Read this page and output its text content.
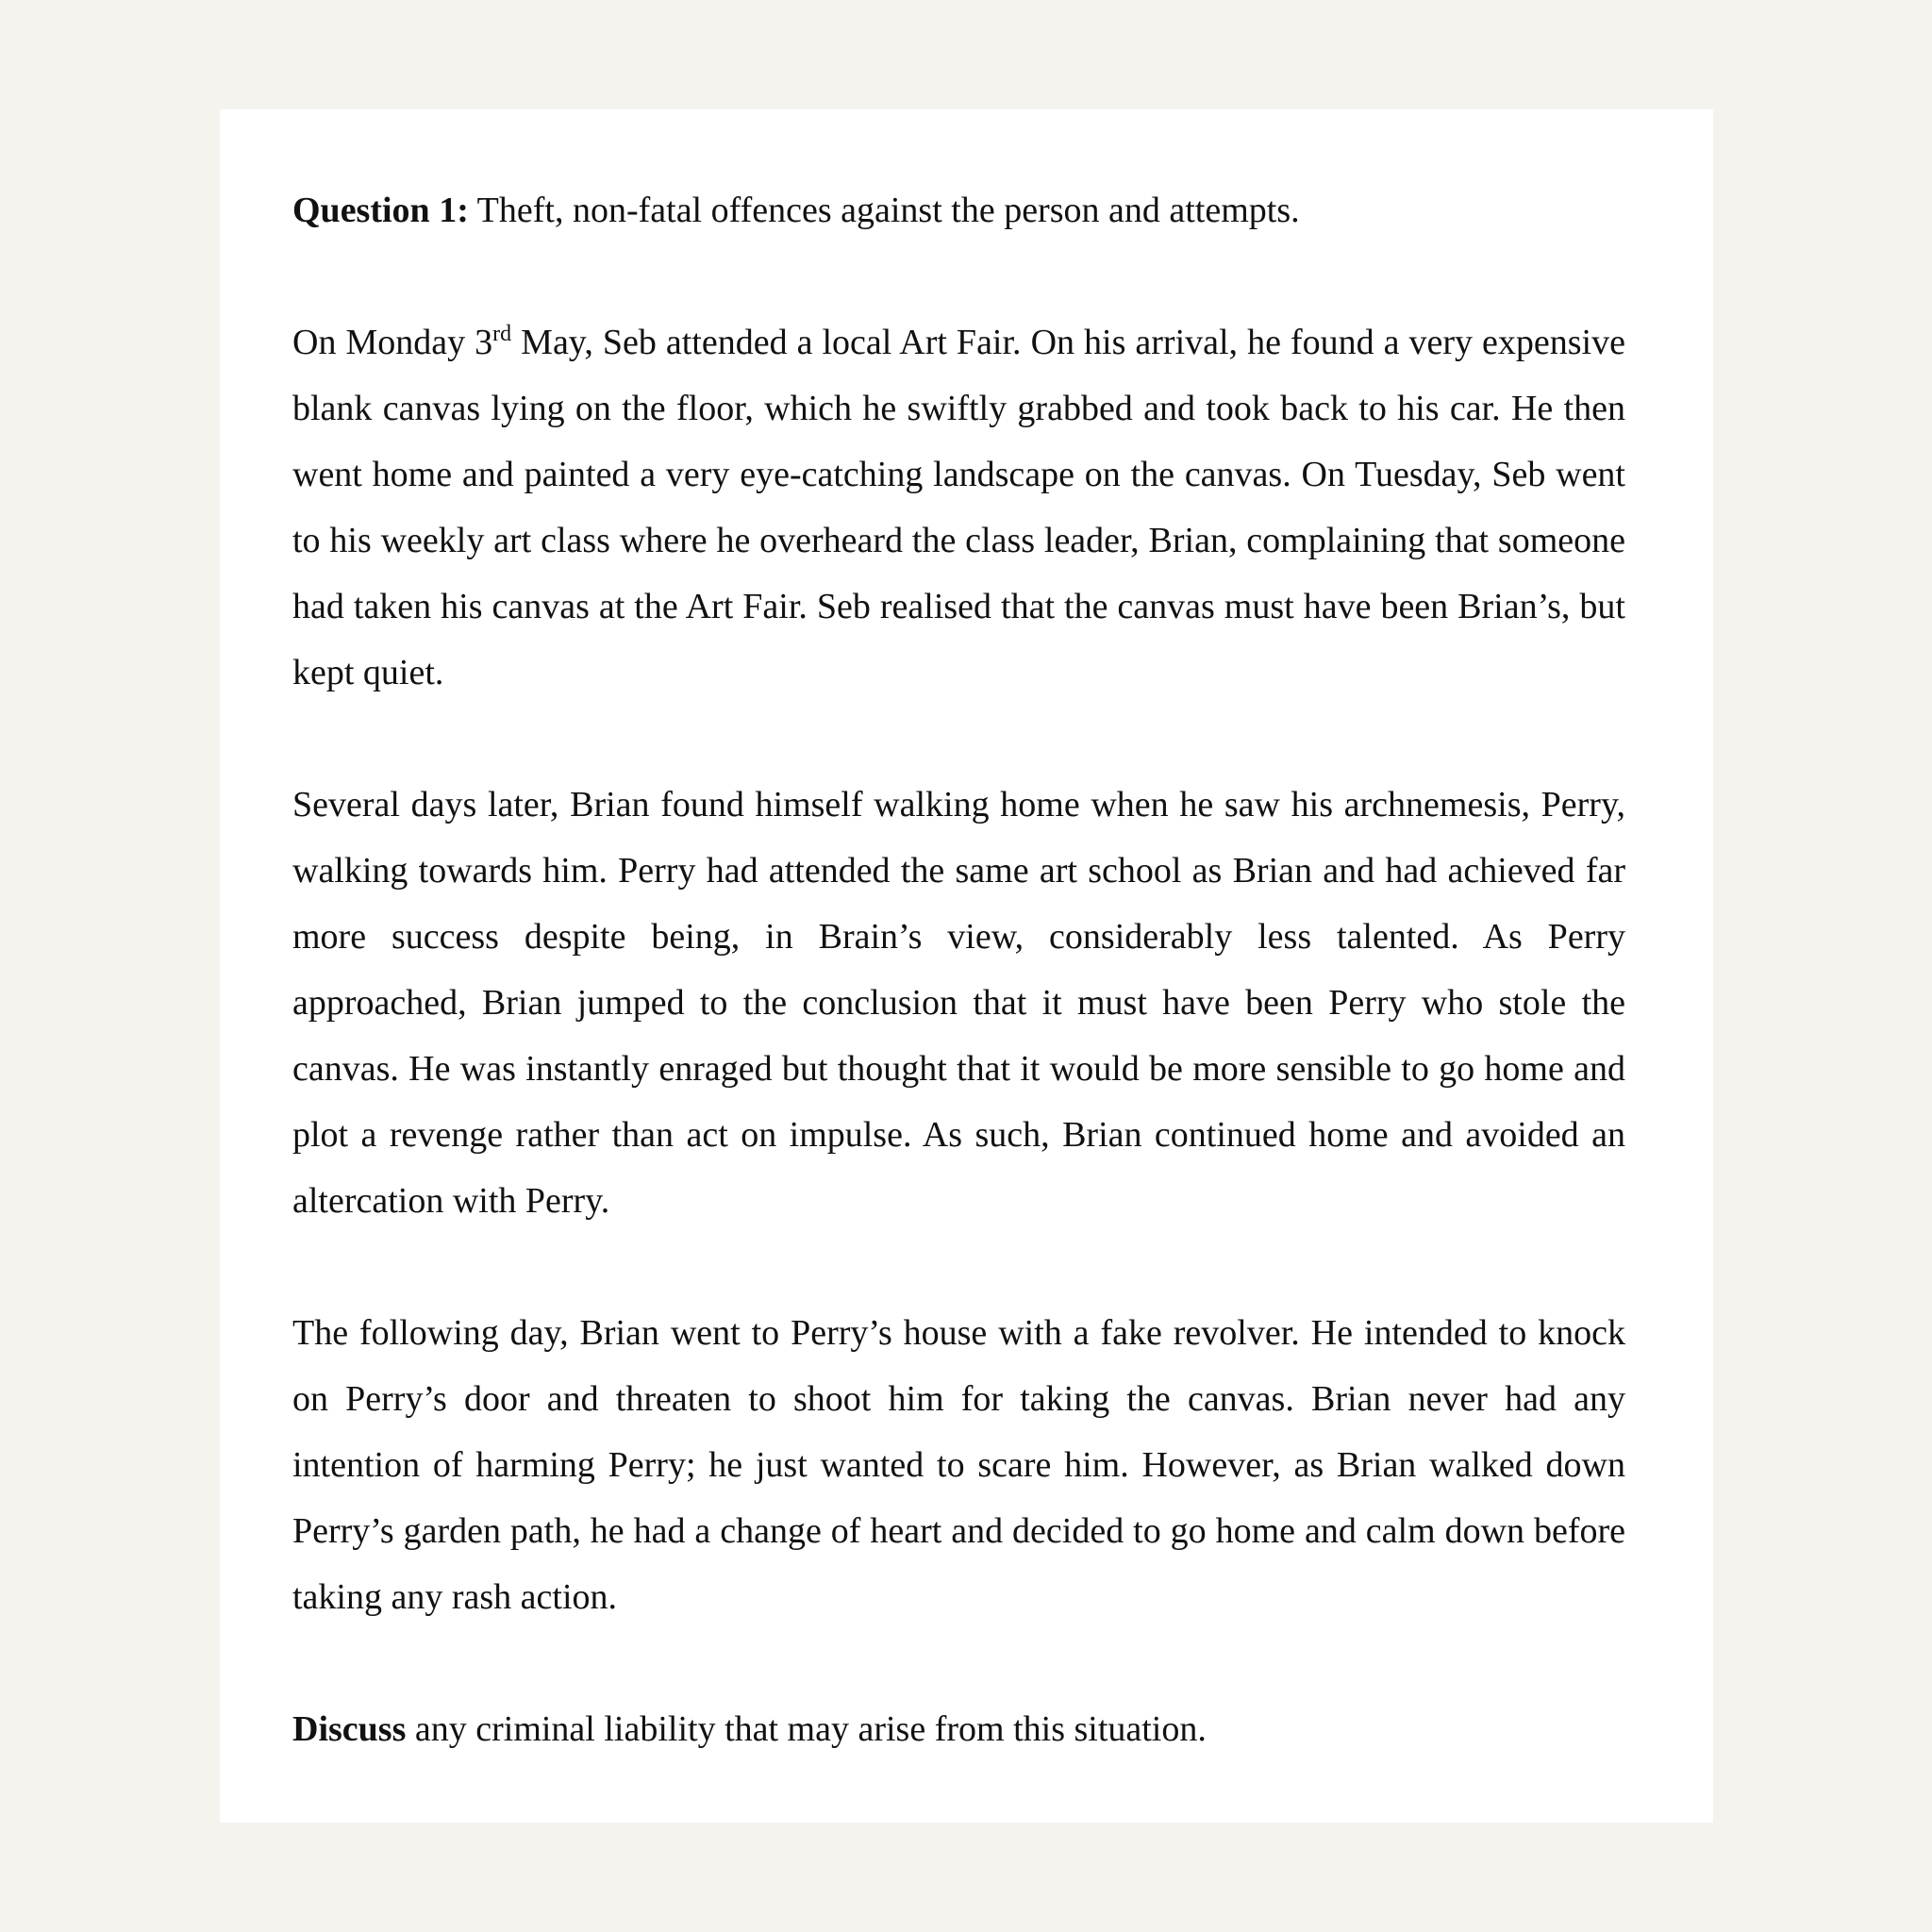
Question 1: Theft, non-fatal offences against the person and attempts.

On Monday 3rd May, Seb attended a local Art Fair. On his arrival, he found a very expensive blank canvas lying on the floor, which he swiftly grabbed and took back to his car. He then went home and painted a very eye-catching landscape on the canvas. On Tuesday, Seb went to his weekly art class where he overheard the class leader, Brian, complaining that someone had taken his canvas at the Art Fair. Seb realised that the canvas must have been Brian’s, but kept quiet.

Several days later, Brian found himself walking home when he saw his archnemesis, Perry, walking towards him. Perry had attended the same art school as Brian and had achieved far more success despite being, in Brain’s view, considerably less talented. As Perry approached, Brian jumped to the conclusion that it must have been Perry who stole the canvas. He was instantly enraged but thought that it would be more sensible to go home and plot a revenge rather than act on impulse. As such, Brian continued home and avoided an altercation with Perry.

The following day, Brian went to Perry’s house with a fake revolver. He intended to knock on Perry’s door and threaten to shoot him for taking the canvas. Brian never had any intention of harming Perry; he just wanted to scare him. However, as Brian walked down Perry’s garden path, he had a change of heart and decided to go home and calm down before taking any rash action.

Discuss any criminal liability that may arise from this situation.
